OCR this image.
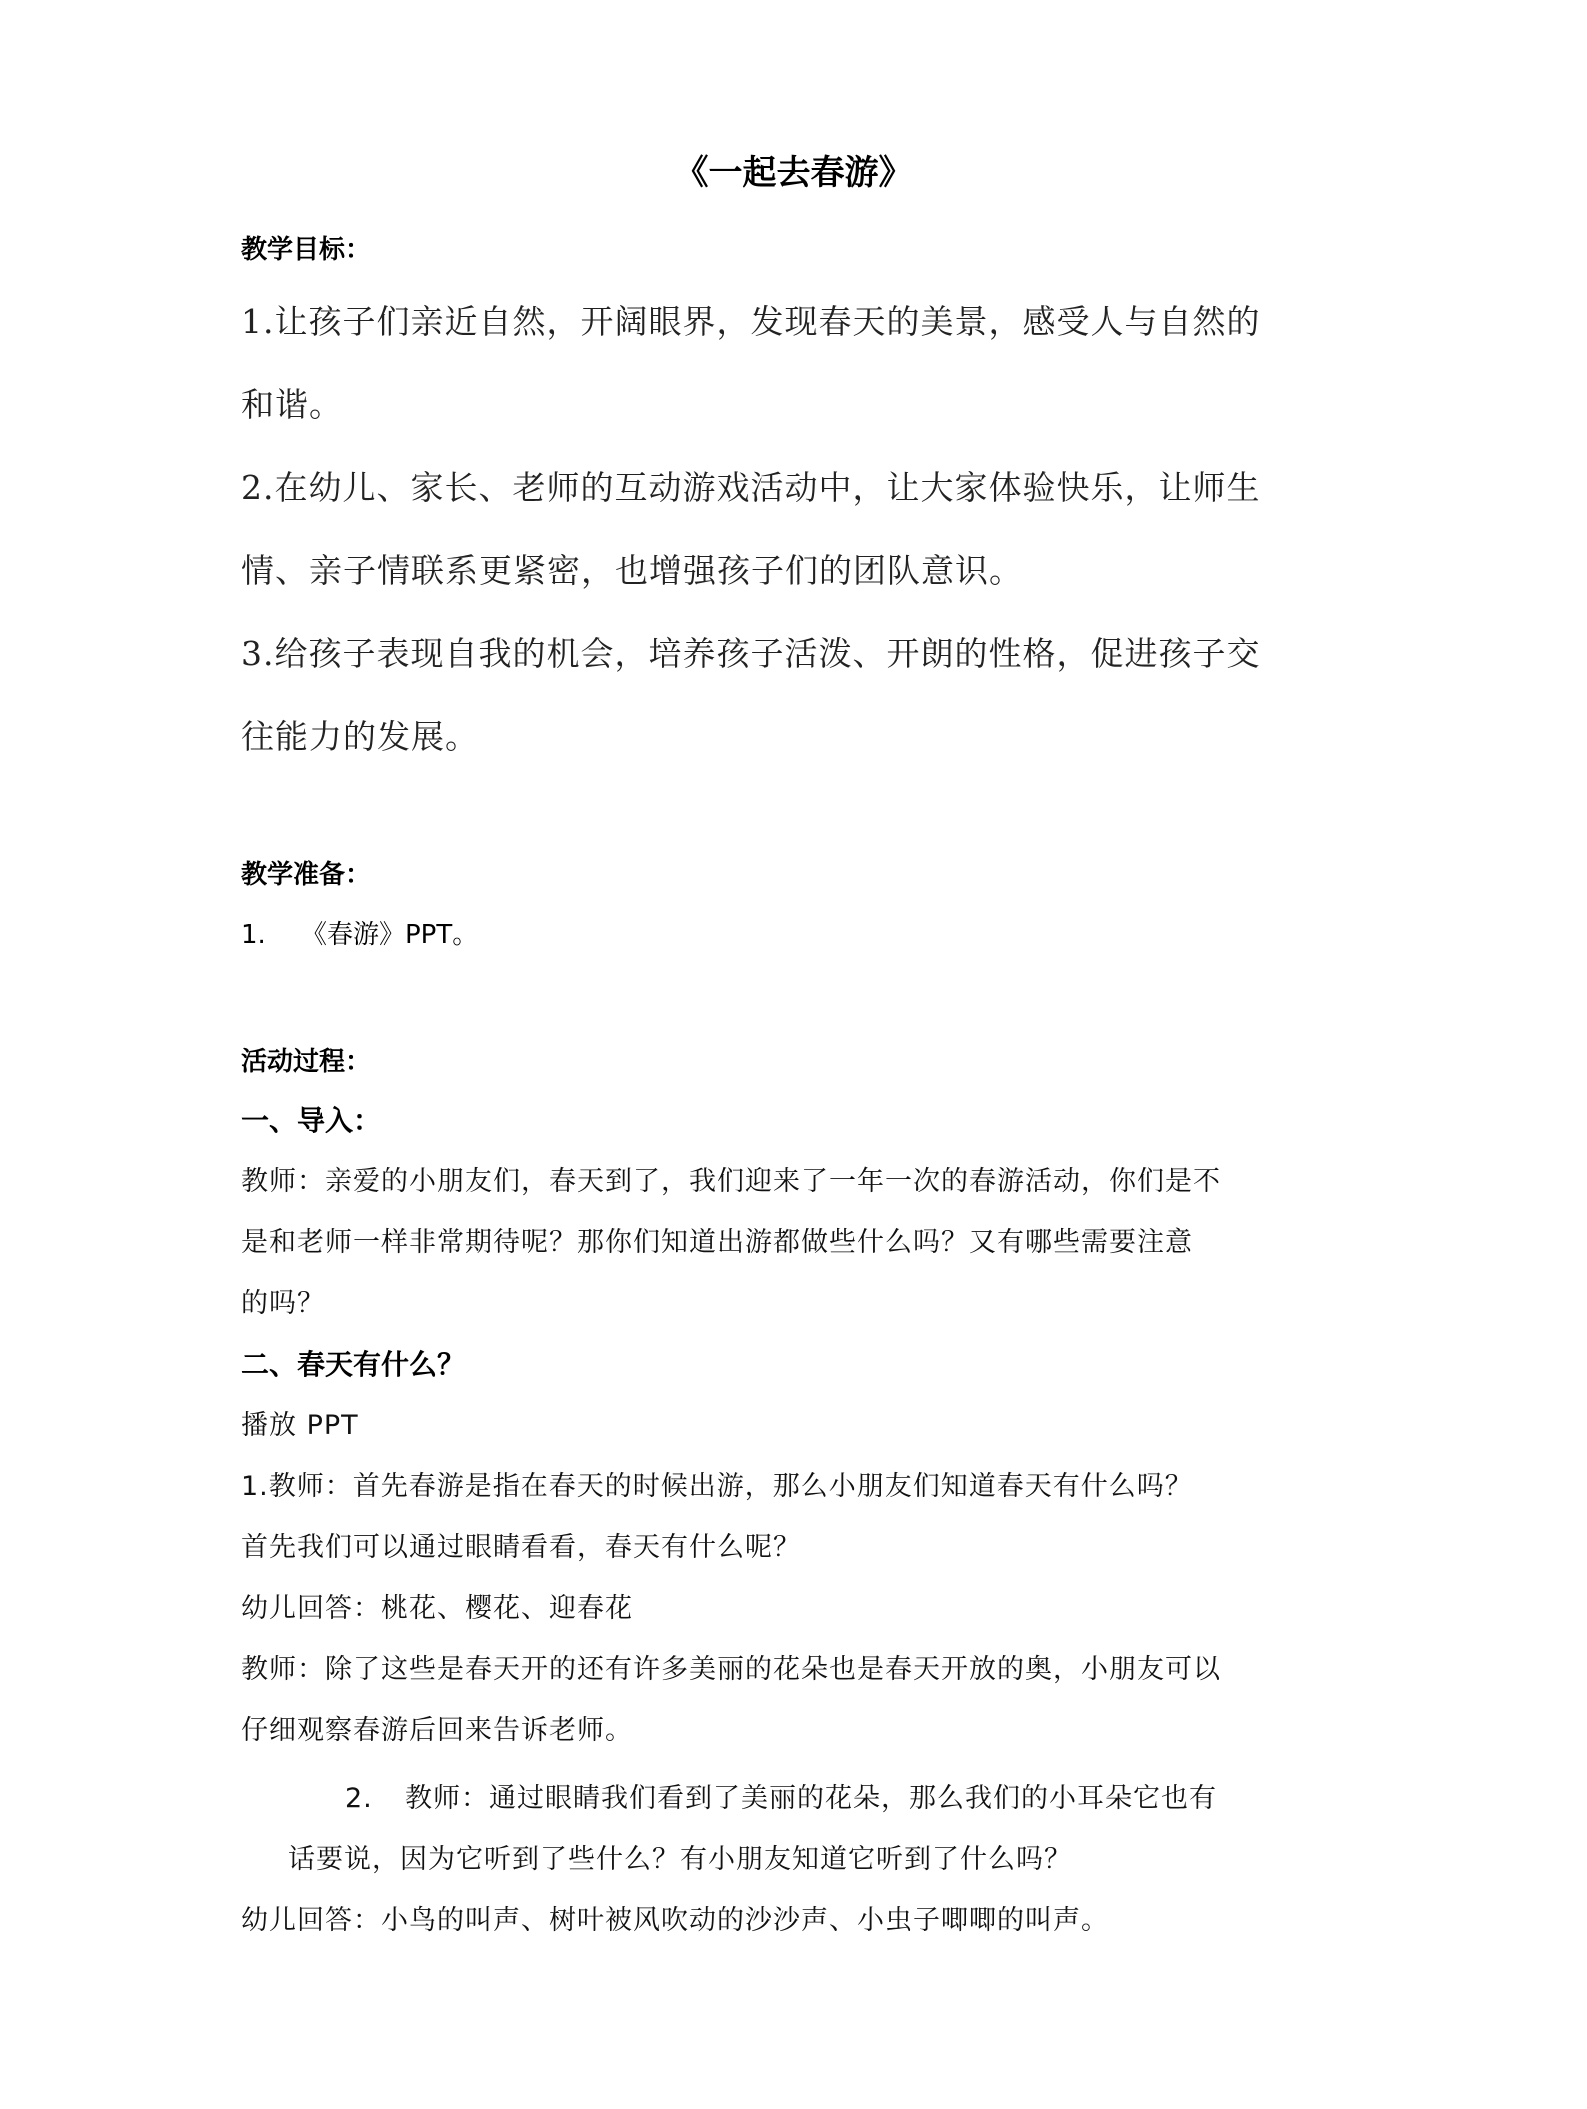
《一起去春游》
教学目标：
1.让孩子们亲近自然，开阔眼界，发现春天的美景，感受人与自然的
和谐。
2.在幼儿、家长、老师的互动游戏活动中，让大家体验快乐，让师生
情、亲子情联系更紧密，也增强孩子们的团队意识。
3.给孩子表现自我的机会，培养孩子活泼、开朗的性格，促进孩子交
往能力的发展。
教学准备：
1. 《春游》PPT。
活动过程：
一、导入：
教师：亲爱的小朋友们，春天到了，我们迎来了一年一次的春游活动，你们是不
是和老师一样非常期待呢？那你们知道出游都做些什么吗？又有哪些需要注意
的吗？
二、春天有什么？
播放 PPT
1.教师：首先春游是指在春天的时候出游，那么小朋友们知道春天有什么吗？
首先我们可以通过眼睛看看，春天有什么呢？
幼儿回答：桃花、樱花、迎春花
教师：除了这些是春天开的还有许多美丽的花朵也是春天开放的奥，小朋友可以
仔细观察春游后回来告诉老师。
2. 教师：通过眼睛我们看到了美丽的花朵，那么我们的小耳朵它也有
话要说，因为它听到了些什么？有小朋友知道它听到了什么吗？
幼儿回答：小鸟的叫声、树叶被风吹动的沙沙声、小虫子唧唧的叫声。
